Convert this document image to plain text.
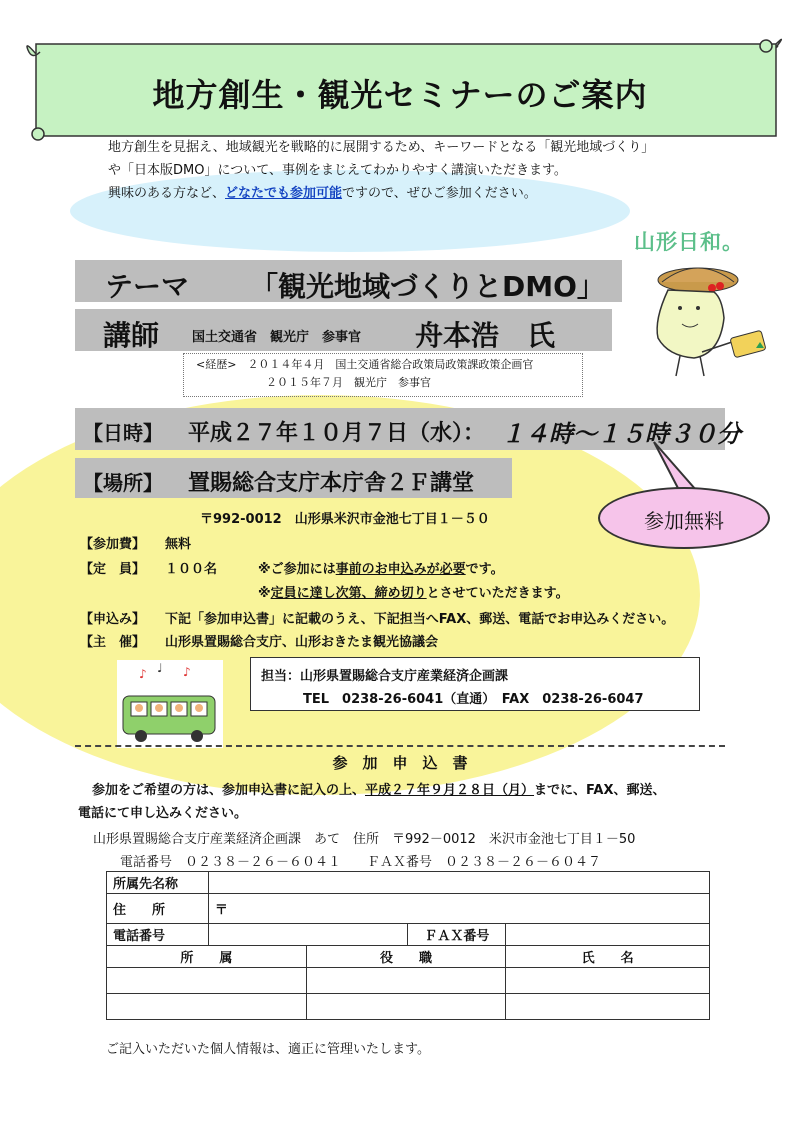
地方創生・観光セミナーのご案内
地方創生を見据え、地域観光を戦略的に展開するため、キーワードとなる「観光地域づくり」
や「日本版DMO」について、事例をまじえてわかりやすく講演いただきます。
興味のある方など、どなたでも参加可能ですので、ぜひご参加ください。
山形日和。
テーマ 「観光地域づくりとDMO」
講師	国土交通省　観光庁　参事官 舟本浩　氏
<経歴>　 ２０１４年４月　国土交通省総合政策局政策課政策企画官
２０１５年７月　観光庁　参事官
【日時】 平成２７年１０月７日（水）： １４時～１５時３０分
【場所】 置賜総合支庁本庁舎２Ｆ講堂
参加無料
〒992-0012　山形県米沢市金池七丁目１－５０
【参加費】 無料
【定　員】 １００名	※ご参加には事前のお申込みが必要です。
※定員に達し次第、締め切りとさせていただきます。
【申込み】 下記「参加申込書」に記載のうえ、下記担当へFAX、郵送、電話でお申込みください。
【主　催】 山形県置賜総合支庁、山形おきたま観光協議会
♪ ♩ ♪	担当：山形県置賜総合支庁産業経済企画課
TEL　0238-26-6041（直通）　FAX　0238-26-6047
参　加　申　込　書
参加をご希望の方は、参加申込書に記入の上、平成２７年９月２８日（月）までに、FAX、郵送、
電話にて申し込みください。
山形県置賜総合支庁産業経済企画課　あて　住所　〒992－0012　米沢市金池七丁目１－50
電話番号　０２３８－２６－６０４１　　ＦＡＸ番号　０２３８－２６－６０４７
所属先名称				
住　　所	〒			
電話番号			ＦＡＸ番号	
所　　属		役　　職		氏　　名

ご記入いただいた個人情報は、適正に管理いたします。
